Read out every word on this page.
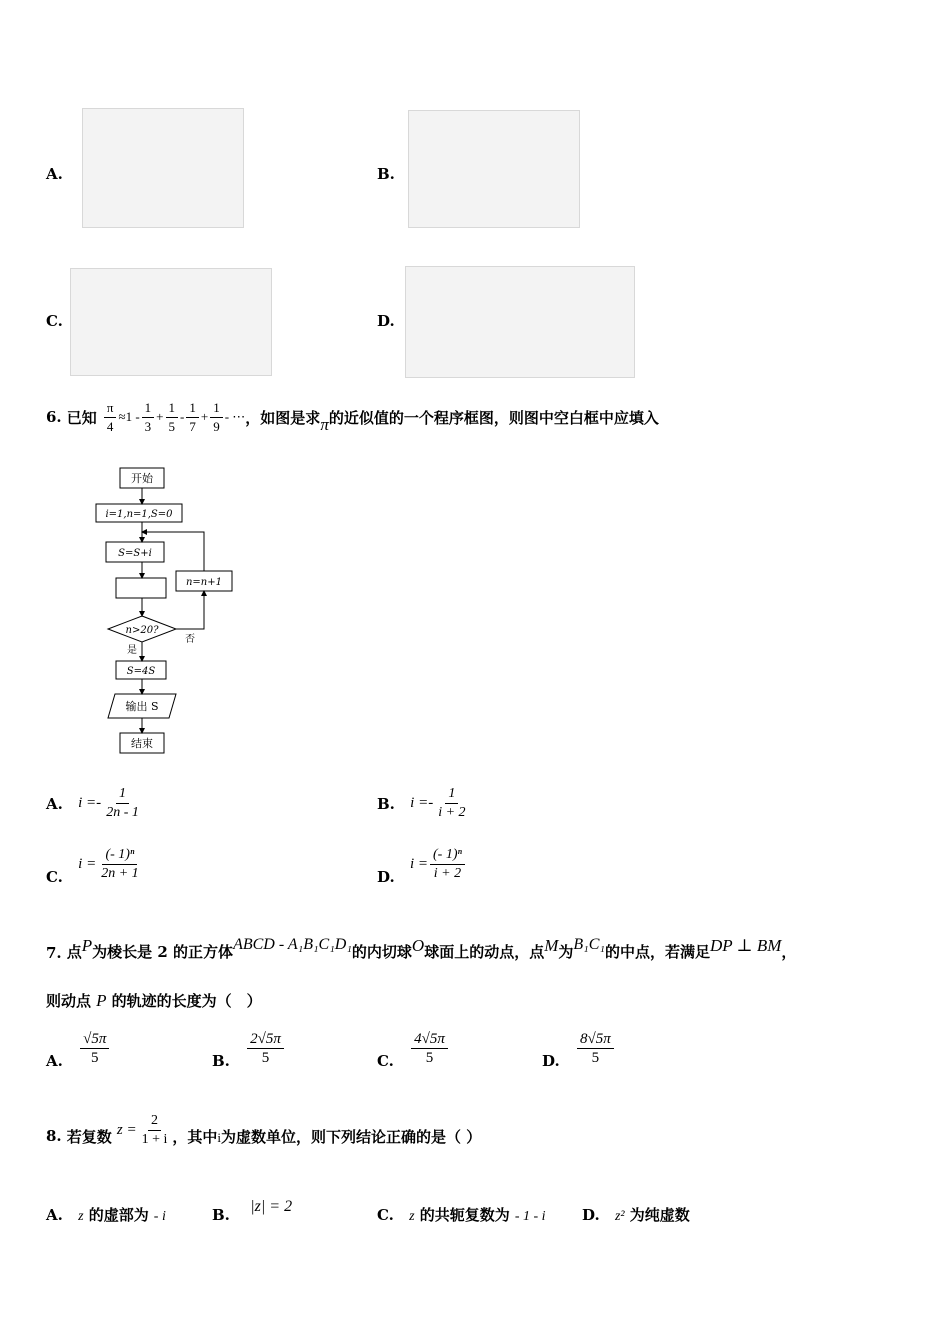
A.	B.
C.	D.
6.
已知
$\frac{\pi}{4} \approx 1 - \frac{1}{3} + \frac{1}{5} - \frac{1}{7} + \frac{1}{9}$ - ⋯ ，如图是求 π 的近似值的一个程序框图，则图中空白框中应填入
开始
i=1,n=1,S=0
S=S+i
n=n+1
n>20?
否
是
S=4S
输出 S
结束
A.
$i =- \frac{1}{2n - 1}$	B.
$i =- \frac{1}{i + 2}$
C.

$i = \frac{\text{(- 1)ⁿ}}{2n + 1}$	D.

$i = \frac{\text{(- 1)ⁿ}}{i + 2}$
7.
点 P 为棱长是 2 的正方体 ABCD - A₁B₁C₁D₁ 的内切球 O 球面上的动点，点 M 为 B₁C₁ 的中点，若满足 DP ⊥ BM ，
则动点 P 的轨迹的长度为（　）
A.
$\frac{√5\pi}{5}$	B.
$\frac{2√5\pi}{5}$	C.
$\frac{4√5\pi}{5}$	D.
$\frac{8√5\pi}{5}$
8.
若复数
$z = \frac{2}{1 + i}$ ，其中 i 为虚数单位，则下列结论正确的是（ ）
A. z 的虚部为 - i	B.
|z| = 2	C. z 的共轭复数为 - 1 - i D. z² 为纯虚数
